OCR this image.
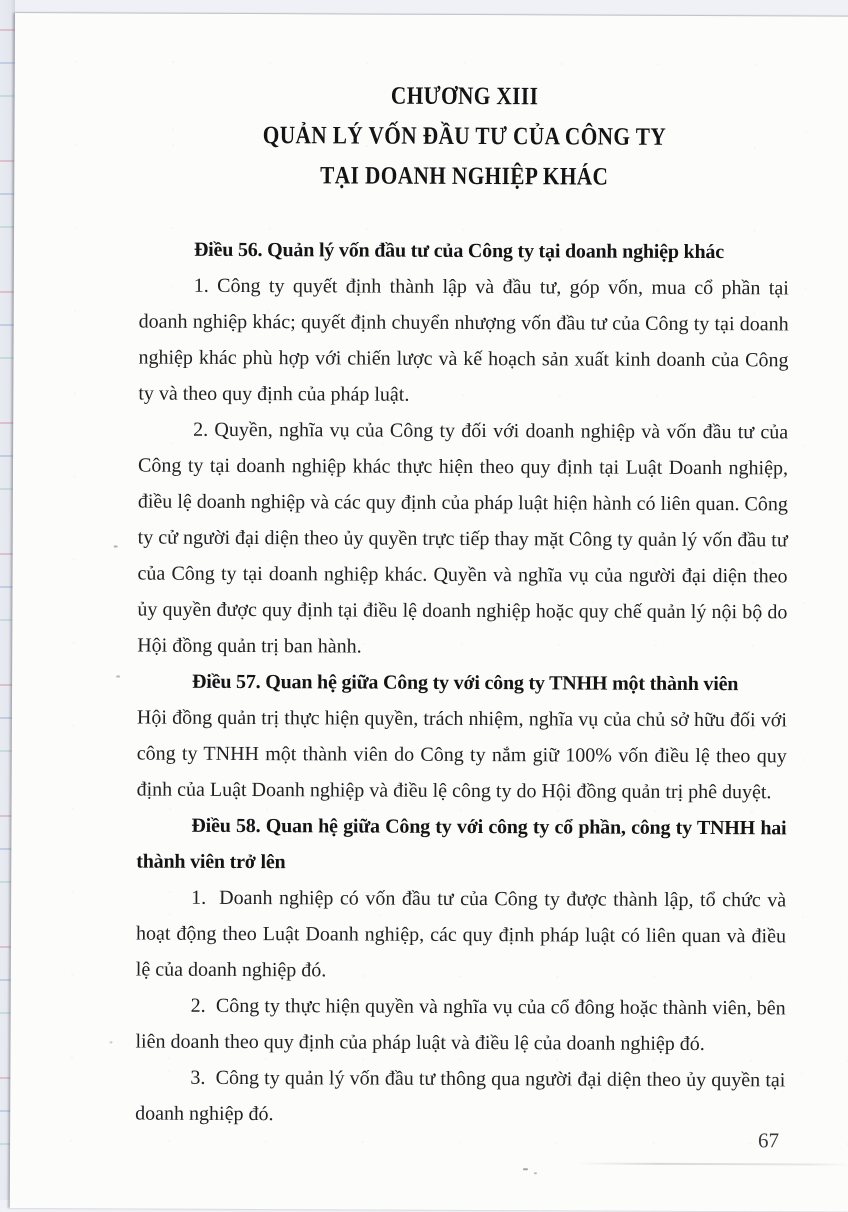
CHƯƠNG XIII
QUẢN LÝ VỐN ĐẦU TƯ CỦA CÔNG TY
TẠI DOANH NGHIỆP KHÁC

Điều 56. Quản lý vốn đầu tư của Công ty tại doanh nghiệp khác

1. Công ty quyết định thành lập và đầu tư, góp vốn, mua cổ phần tại doanh nghiệp khác; quyết định chuyển nhượng vốn đầu tư của Công ty tại doanh nghiệp khác phù hợp với chiến lược và kế hoạch sản xuất kinh doanh của Công ty và theo quy định của pháp luật.

2. Quyền, nghĩa vụ của Công ty đối với doanh nghiệp và vốn đầu tư của Công ty tại doanh nghiệp khác thực hiện theo quy định tại Luật Doanh nghiệp, điều lệ doanh nghiệp và các quy định của pháp luật hiện hành có liên quan. Công ty cử người đại diện theo ủy quyền trực tiếp thay mặt Công ty quản lý vốn đầu tư của Công ty tại doanh nghiệp khác. Quyền và nghĩa vụ của người đại diện theo ủy quyền được quy định tại điều lệ doanh nghiệp hoặc quy chế quản lý nội bộ do Hội đồng quản trị ban hành.

Điều 57. Quan hệ giữa Công ty với công ty TNHH một thành viên

Hội đồng quản trị thực hiện quyền, trách nhiệm, nghĩa vụ của chủ sở hữu đối với công ty TNHH một thành viên do Công ty nắm giữ 100% vốn điều lệ theo quy định của Luật Doanh nghiệp và điều lệ công ty do Hội đồng quản trị phê duyệt.

Điều 58. Quan hệ giữa Công ty với công ty cổ phần, công ty TNHH hai thành viên trở lên

1.  Doanh nghiệp có vốn đầu tư của Công ty được thành lập, tổ chức và hoạt động theo Luật Doanh nghiệp, các quy định pháp luật có liên quan và điều lệ của doanh nghiệp đó.

2.  Công ty thực hiện quyền và nghĩa vụ của cổ đông hoặc thành viên, bên liên doanh theo quy định của pháp luật và điều lệ của doanh nghiệp đó.

3.  Công ty quản lý vốn đầu tư thông qua người đại diện theo ủy quyền tại doanh nghiệp đó.

67
